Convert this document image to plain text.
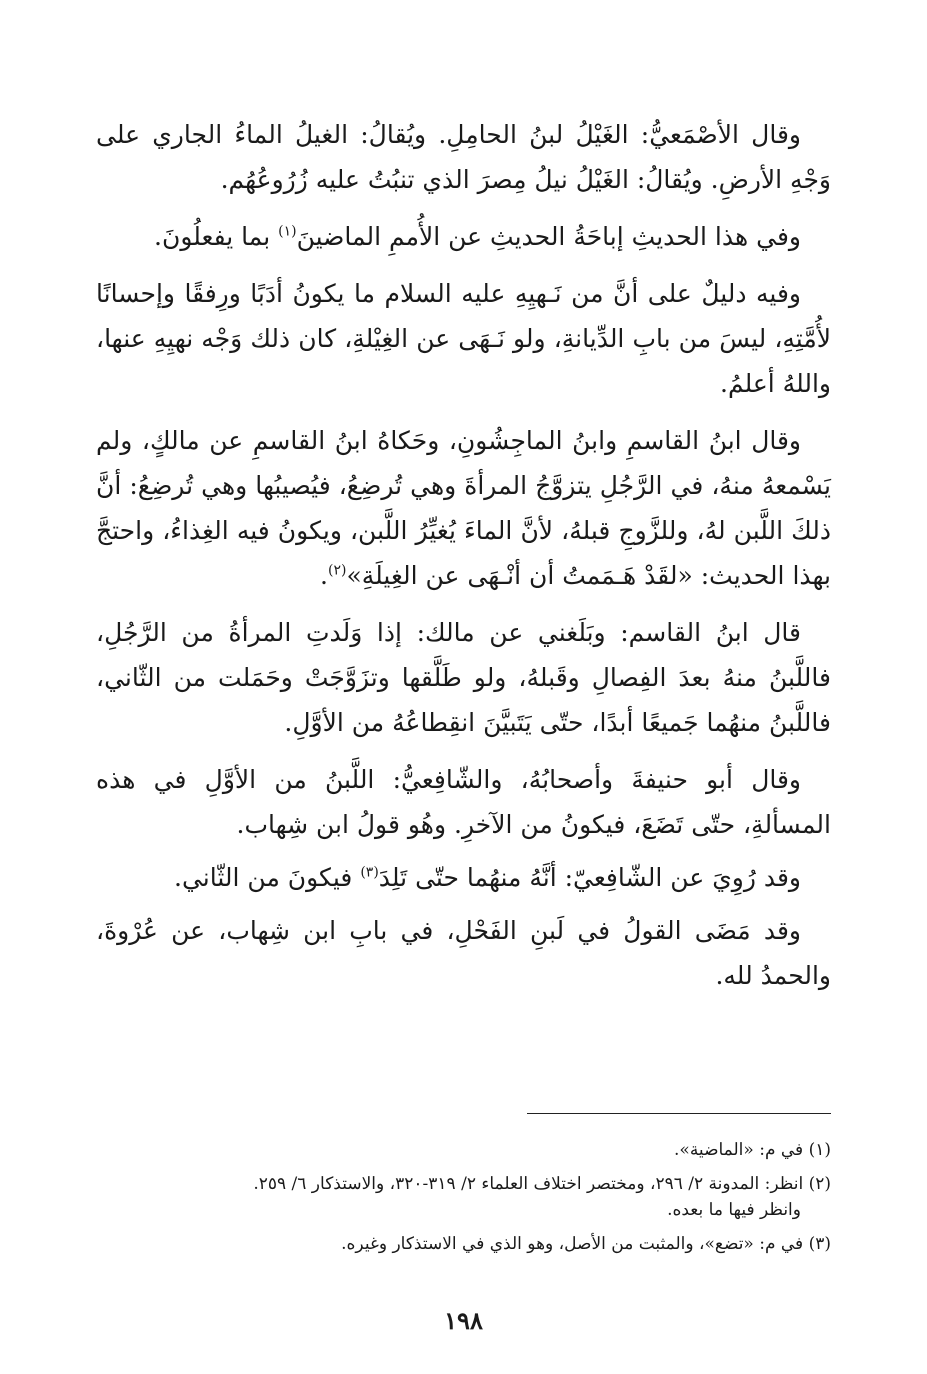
وقال الأصْمَعيُّ: الغَيْلُ لبنُ الحامِلِ. ويُقالُ: الغيلُ الماءُ الجاري على وَجْهِ الأرضِ. ويُقالُ: الغَيْلُ نيلُ مِصرَ الذي تنبُتُ عليه زُرُوعُهُم.

وفي هذا الحديثِ إباحَةُ الحديثِ عن الأُممِ الماضينَ$^{(١)}$ بما يفعلُونَ.

وفيه دليلٌ على أنَّ من نَـهيِهِ عليه السلام ما يكونُ أدَبًا ورِفقًا وإحسانًا لأُمَّتِهِ، ليسَ من بابِ الدِّيانةِ، ولو نَـهَى عن الغِيْلةِ، كان ذلك وَجْه نهيِهِ عنها، واللهُ أعلمُ.

وقال ابنُ القاسمِ وابنُ الماجِشُونِ، وحَكاهُ ابنُ القاسمِ عن مالكٍ، ولم يَسْمعهُ منهُ، في الرَّجُلِ يتزوَّجُ المرأةَ وهي تُرضِعُ، فيُصيبُها وهي تُرضِعُ: أنَّ ذلكَ اللَّبن لهُ، وللزَّوجِ قبلهُ، لأنَّ الماءَ يُغيِّرُ اللَّبن، ويكونُ فيه الغِذاءُ، واحتجَّ بهذا الحديث: «لقَدْ هَـمَمتُ أن أنْـهَى عن الغِيلَةِ»$^{(٢)}$.

قال ابنُ القاسم: وبَلَغني عن مالك: إذا وَلَدتِ المرأةُ من الرَّجُلِ، فاللَّبنُ منهُ بعدَ الفِصالِ وقَبلهُ، ولو طَلَّقها وتزَوَّجَتْ وحَمَلت من الثّاني، فاللَّبنُ منهُما جَميعًا أبدًا، حتّى يَتَبيَّنَ انقِطاعُهُ من الأوَّلِ.

وقال أبو حنيفةَ وأصحابُهُ، والشّافِعيُّ: اللَّبنُ من الأوَّلِ في هذه المسألةِ، حتّى تَضَعَ، فيكونُ من الآخرِ. وهُو قولُ ابن شِهاب.

وقد رُوِيَ عن الشّافِعيّ: أنَّهُ منهُما حتّى تَلِدَ$^{(٣)}$ فيكونَ من الثّاني.

وقد مَضَى القولُ في لَبنِ الفَحْلِ، في بابِ ابن شِهاب، عن عُرْوةَ، والحمدُ لله.

(١) في م: «الماضية».

(٢) انظر: المدونة ٢/ ٢٩٦، ومختصر اختلاف العلماء ٢/ ٣١٩-٣٢٠، والاستذكار ٦/ ٢٥٩.
وانظر فيها ما بعده.

(٣) في م: «تضع»، والمثبت من الأصل، وهو الذي في الاستذكار وغيره.

١٩٨
